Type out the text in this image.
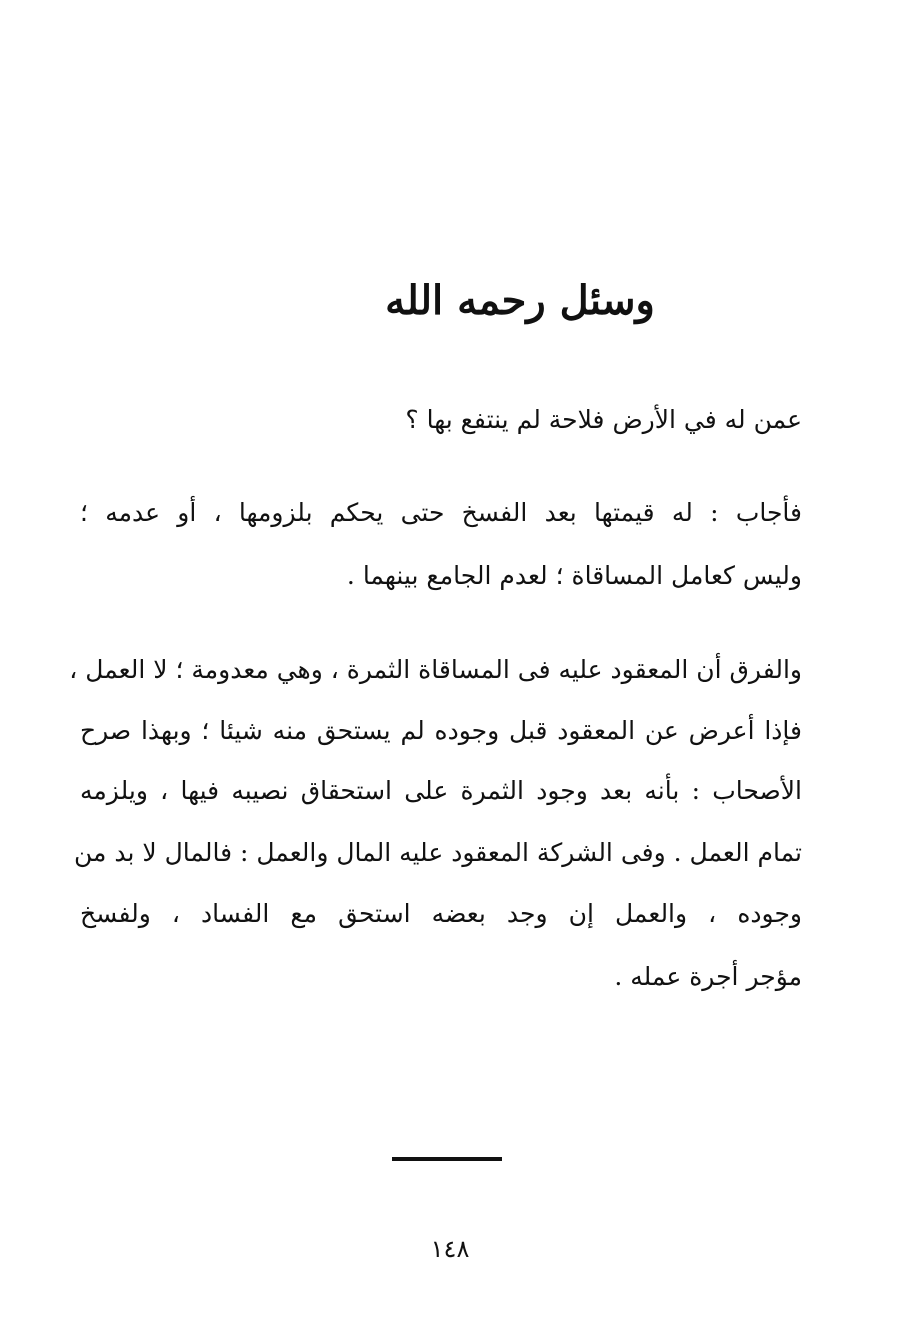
وسئل رحمه الله
عمن له في الأرض فلاحة لم ينتفع بها ؟
فأجاب : له قيمتها بعد الفسخ حتى يحكم بلزومها ، أو عدمه ؛
وليس كعامل المساقاة ؛ لعدم الجامع بينهما .
والفرق أن المعقود عليه فى المساقاة الثمرة ، وهي معدومة ؛ لا العمل ،
فإذا أعرض عن المعقود قبل وجوده لم يستحق منه شيئا ؛ وبهذا صرح
الأصحاب : بأنه بعد وجود الثمرة على استحقاق نصيبه فيها ، ويلزمه
تمام العمل . وفى الشركة المعقود عليه المال والعمل : فالمال لا بد من
وجوده ، والعمل إن وجد بعضه استحق مع الفساد ، ولفسخ
مؤجر أجرة عمله .
١٤٨
